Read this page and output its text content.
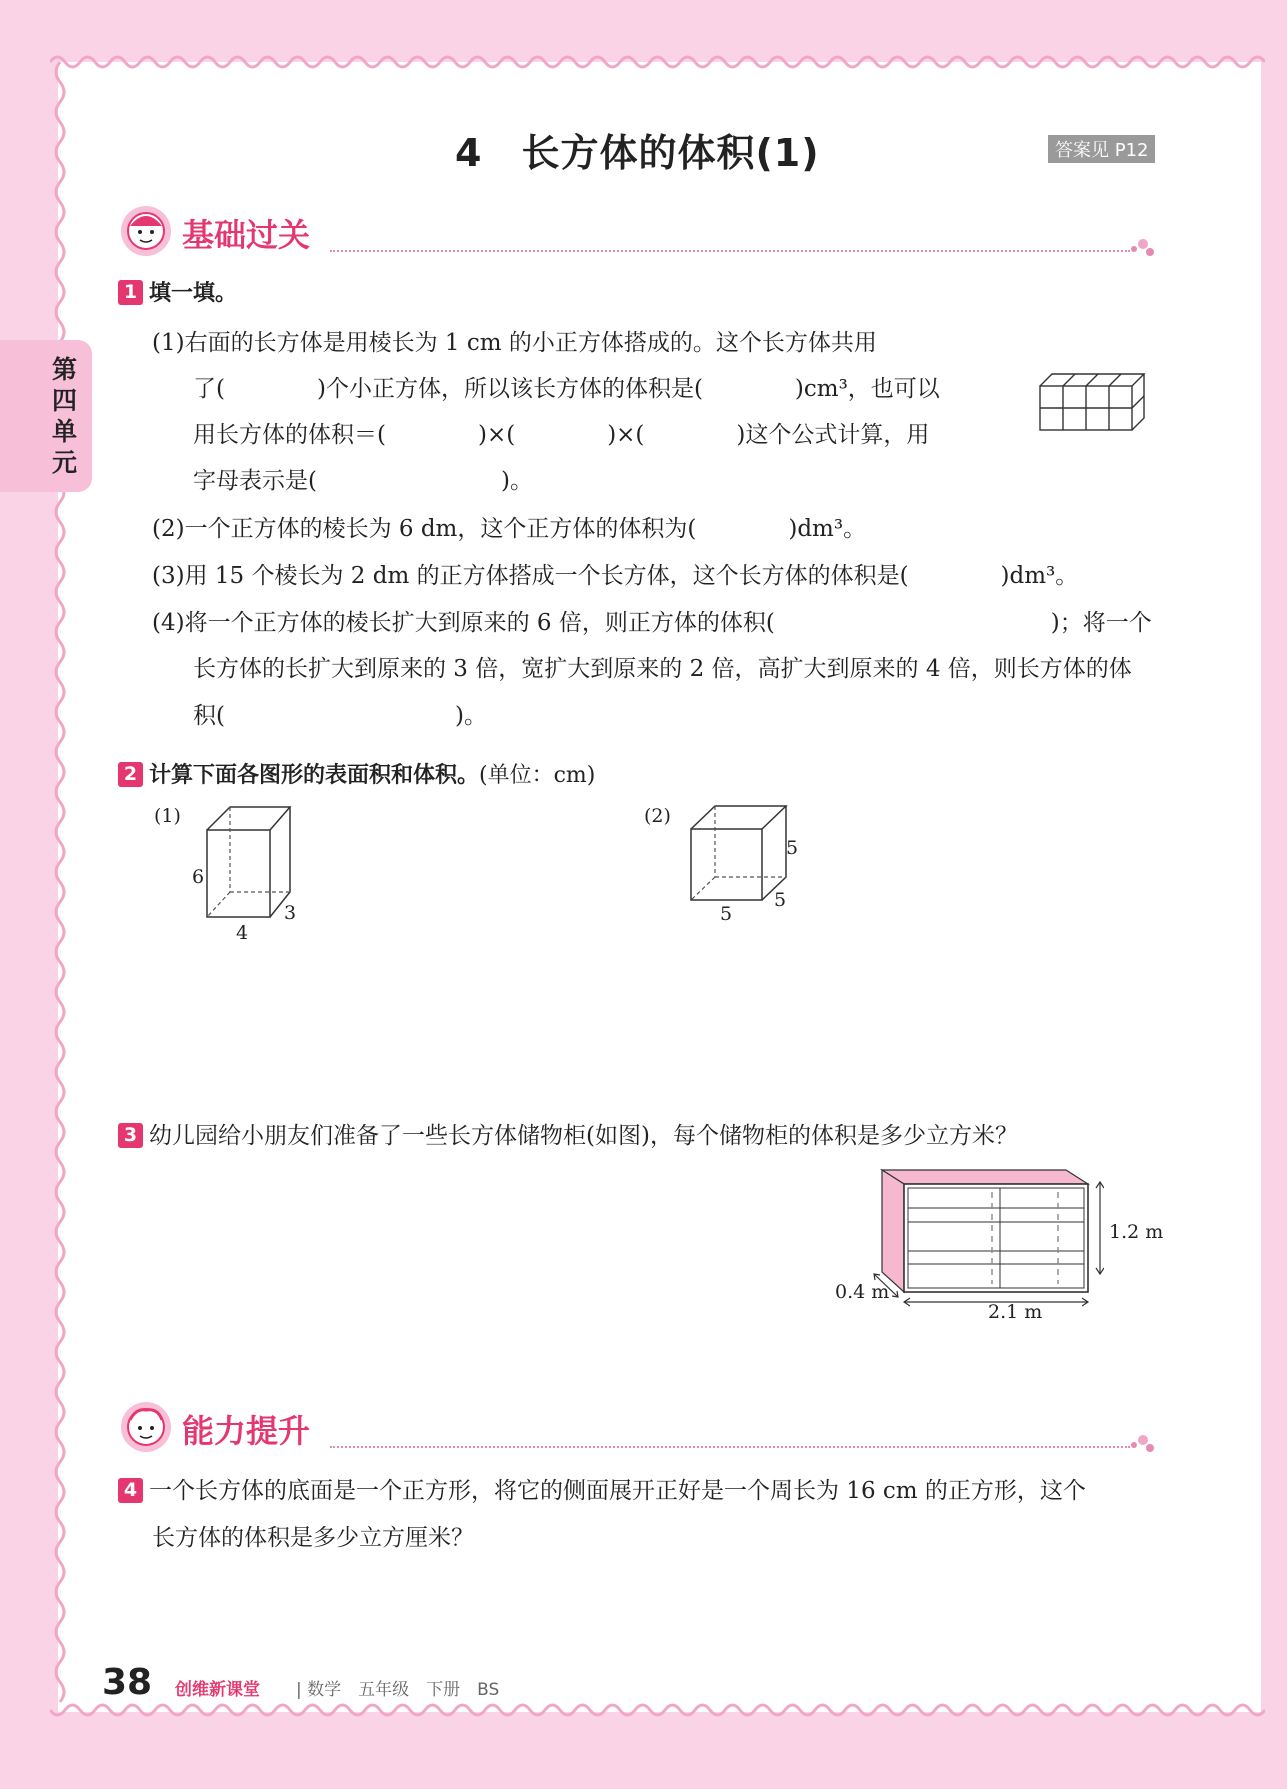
第四单元
4　长方体的体积(1)	答案见 P12
基础过关
1 填一填。
(1)右面的长方体是用棱长为 1 cm 的小正方体搭成的。这个长方体共用
了(　　　　)个小正方体，所以该长方体的体积是(　　　　)cm³，也可以
用长方体的体积＝(　　　　)×(　　　　)×(　　　　)这个公式计算，用
字母表示是(　　　　　　　　)。
(2)一个正方体的棱长为 6 dm，这个正方体的体积为(　　　　)dm³。
(3)用 15 个棱长为 2 dm 的正方体搭成一个长方体，这个长方体的体积是(　　　　)dm³。
(4)将一个正方体的棱长扩大到原来的 6 倍，则正方体的体积(　　　　　　　　　　　　)；将一个
长方体的长扩大到原来的 3 倍，宽扩大到原来的 2 倍，高扩大到原来的 4 倍，则长方体的体
积(　　　　　　　　　　)。
2 计算下面各图形的表面积和体积。(单位：cm)
(1)
6
4
3
(2)
5
5
5
3 幼儿园给小朋友们准备了一些长方体储物柜(如图)，每个储物柜的体积是多少立方米？
1.2 m
0.4 m
2.1 m
能力提升
4 一个长方体的底面是一个正方形，将它的侧面展开正好是一个周长为 16 cm 的正方形，这个
长方体的体积是多少立方厘米？
38 创维新课堂 | 数学　五年级　下册　BS
